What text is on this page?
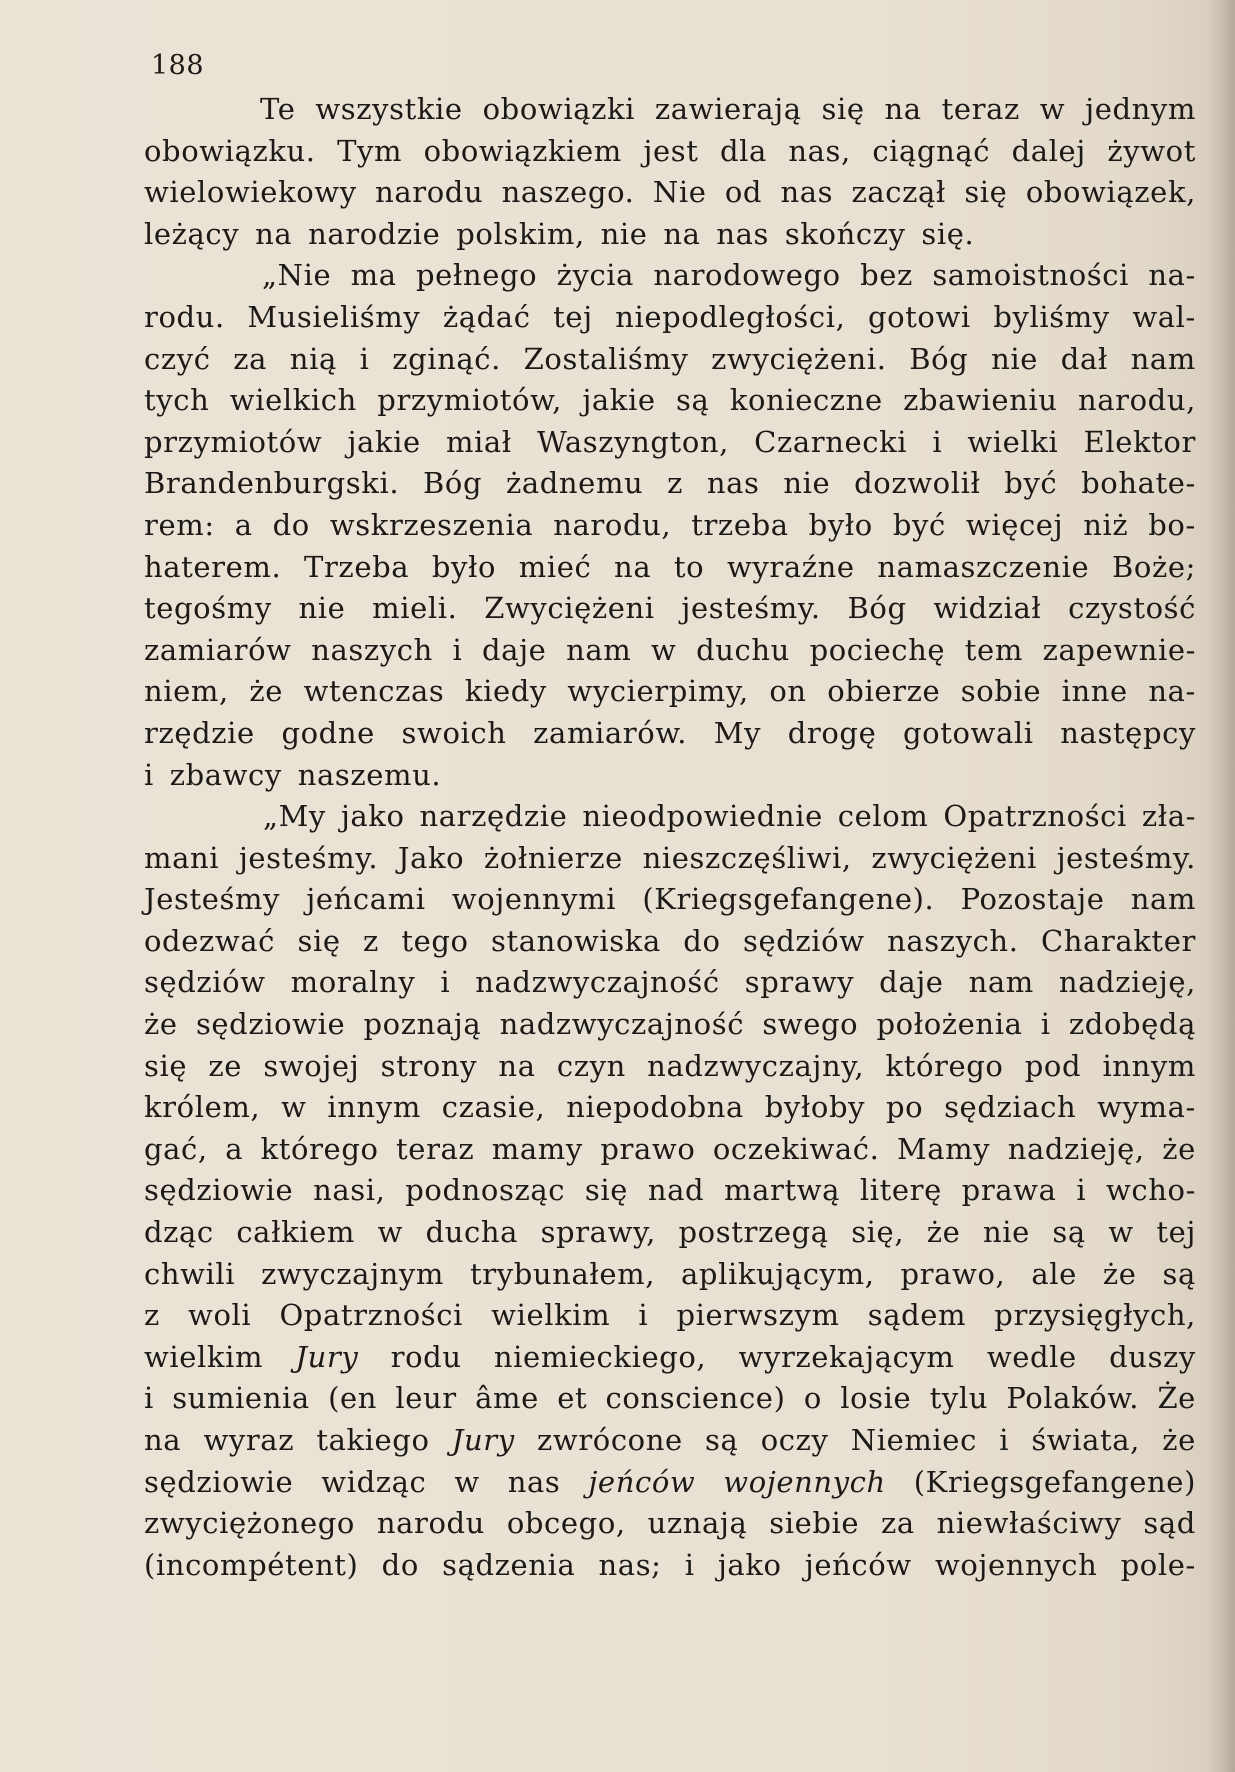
188
Te wszystkie obowiązki zawierają się na teraz w jednym
obowiązku. Tym obowiązkiem jest dla nas, ciągnąć dalej żywot
wielowiekowy narodu naszego. Nie od nas zaczął się obowiązek,
leżący
na
narodzie
polskim,
nie
na
nas
skończy
się.
„Nie ma pełnego życia narodowego bez samoistności na-
rodu. Musieliśmy żądać tej niepodległości, gotowi byliśmy wal-
czyć za nią i zginąć. Zostaliśmy zwyciężeni. Bóg nie dał nam
tych wielkich przymiotów, jakie są konieczne zbawieniu narodu,
przymiotów jakie miał Waszyngton, Czarnecki i wielki Elektor
Brandenburgski. Bóg żadnemu z nas nie dozwolił być bohate-
rem: a do wskrzeszenia narodu, trzeba było być więcej niż bo-
haterem. Trzeba było mieć na to wyraźne namaszczenie Boże;
tegośmy nie mieli. Zwyciężeni jesteśmy. Bóg widział czystość
zamiarów naszych i daje nam w duchu pociechę tem zapewnie-
niem, że wtenczas kiedy wycierpimy, on obierze sobie inne na-
rzędzie godne swoich zamiarów. My drogę gotowali następcy
i
zbawcy
naszemu.
„My jako narzędzie nieodpowiednie celom Opatrzności zła-
mani jesteśmy. Jako żołnierze nieszczęśliwi, zwyciężeni jesteśmy.
Jesteśmy jeńcami wojennymi (Kriegsgefangene). Pozostaje nam
odezwać się z tego stanowiska do sędziów naszych. Charakter
sędziów moralny i nadzwyczajność sprawy daje nam nadzieję,
że sędziowie poznają nadzwyczajność swego położenia i zdobędą
się ze swojej strony na czyn nadzwyczajny, którego pod innym
królem, w innym czasie, niepodobna byłoby po sędziach wyma-
gać, a którego teraz mamy prawo oczekiwać. Mamy nadzieję, że
sędziowie nasi, podnosząc się nad martwą literę prawa i wcho-
dząc całkiem w ducha sprawy, postrzegą się, że nie są w tej
chwili zwyczajnym trybunałem, aplikującym, prawo, ale że są
z woli Opatrzności wielkim i pierwszym sądem przysięgłych,
wielkim Jury rodu niemieckiego, wyrzekającym wedle duszy
i sumienia (en leur âme et conscience) o losie tylu Polaków. Że
na wyraz takiego Jury zwrócone są oczy Niemiec i świata, że
sędziowie widząc w nas jeńców wojennych (Kriegsgefangene)
zwyciężonego narodu obcego, uznają siebie za niewłaściwy sąd
(incompétent) do sądzenia nas; i jako jeńców wojennych pole-
